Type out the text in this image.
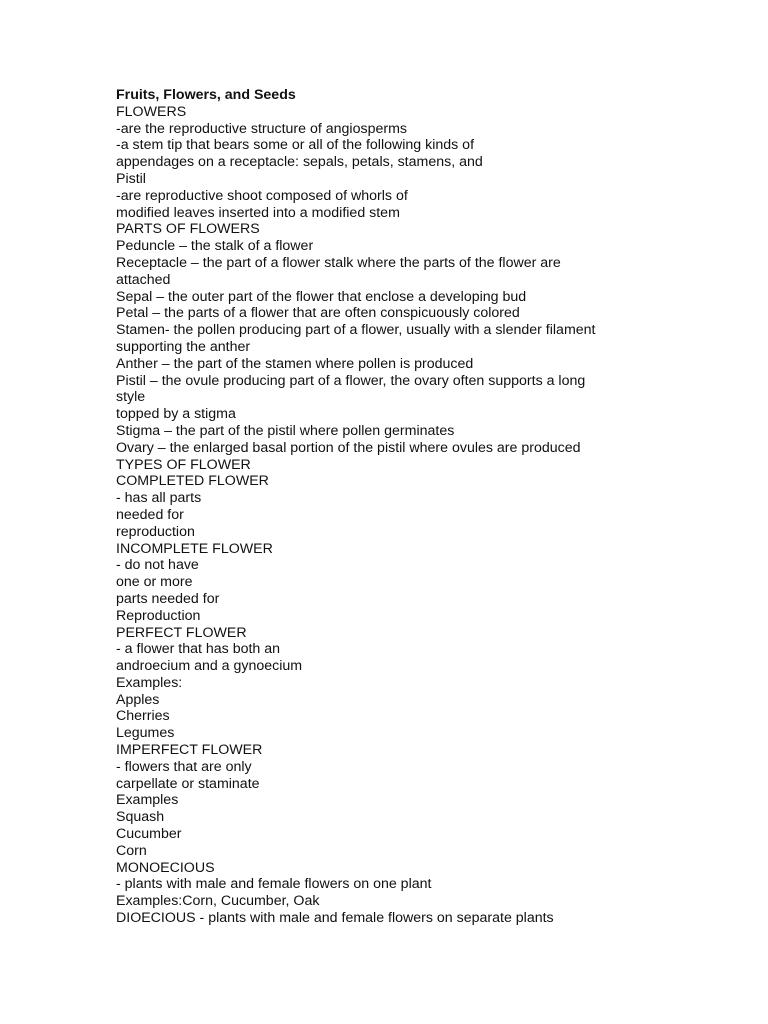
Fruits, Flowers, and Seeds

FLOWERS

-are the reproductive structure of angiosperms

-a stem tip that bears some or all of the following kinds of

appendages on a receptacle: sepals, petals, stamens, and

Pistil

-are reproductive shoot composed of whorls of

modified leaves inserted into a modified stem

PARTS OF FLOWERS

Peduncle – the stalk of a flower

Receptacle – the part of a flower stalk where the parts of the flower are

attached

Sepal – the outer part of the flower that enclose a developing bud

Petal – the parts of a flower that are often conspicuously colored

Stamen- the pollen producing part of a flower, usually with a slender filament

supporting the anther

Anther – the part of the stamen where pollen is produced

Pistil – the ovule producing part of a flower, the ovary often supports a long

style

topped by a stigma

Stigma – the part of the pistil where pollen germinates

Ovary – the enlarged basal portion of the pistil where ovules are produced

TYPES OF FLOWER

COMPLETED FLOWER

- has all parts

needed for

reproduction

INCOMPLETE FLOWER

- do not have

one or more

parts needed for

Reproduction

PERFECT FLOWER

- a flower that has both an

androecium and a gynoecium

Examples:

Apples

Cherries

Legumes

IMPERFECT FLOWER

- flowers that are only

carpellate or staminate

Examples

Squash

Cucumber

Corn

MONOECIOUS

- plants with male and female flowers on one plant

Examples:Corn, Cucumber, Oak

DIOECIOUS - plants with male and female flowers on separate plants
